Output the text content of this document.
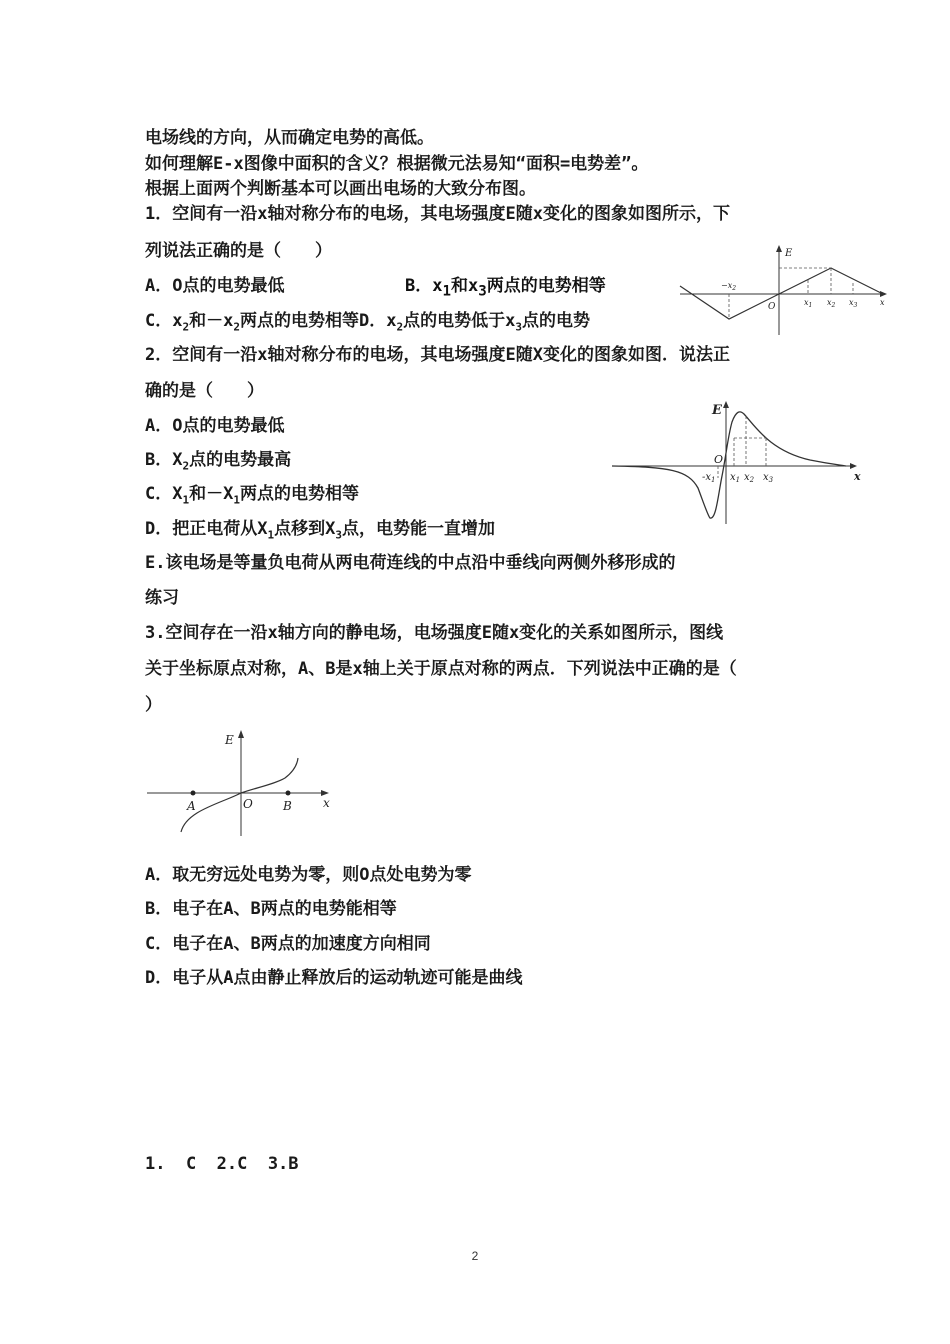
电场线的方向，从而确定电势的高低。
如何理解E-x图像中面积的含义？根据微元法易知“面积=电势差”。
根据上面两个判断基本可以画出电场的大致分布图。
1．空间有一沿x轴对称分布的电场，其电场强度E随x变化的图象如图所示，下
列说法正确的是（　　）
A．O点的电势最低	B．$x_1$和$x_3$两点的电势相等
C．$x_2$和$-x_2$两点的电势相等D．$x_2$点的电势低于$x_3$点的电势
E
$-x_2$
O	$x_1$ $x_2$ $x_3$	x
2．空间有一沿x轴对称分布的电场，其电场强度E随X变化的图象如图．说法正
确的是（　　）
A．O点的电势最低
B．$X_2$点的电势最高
C．$X_1$和$-X_1$两点的电势相等
D．把正电荷从$X_1$点移到$X_3$点，电势能一直增加
E.该电场是等量负电荷从两电荷连线的中点沿中垂线向两侧外移形成的
E
O
$-x_1$ $x_1$ $x_2$ $x_3$	x
练习
3.空间存在一沿x轴方向的静电场，电场强度E随x变化的关系如图所示，图线
关于坐标原点对称，A、B是x轴上关于原点对称的两点．下列说法中正确的是（
）
E
A	O	B	x
A．取无穷远处电势为零，则O点处电势为零
B．电子在A、B两点的电势能相等
C．电子在A、B两点的加速度方向相同
D．电子从A点由静止释放后的运动轨迹可能是曲线
1.  C  2.C  3.B
2
